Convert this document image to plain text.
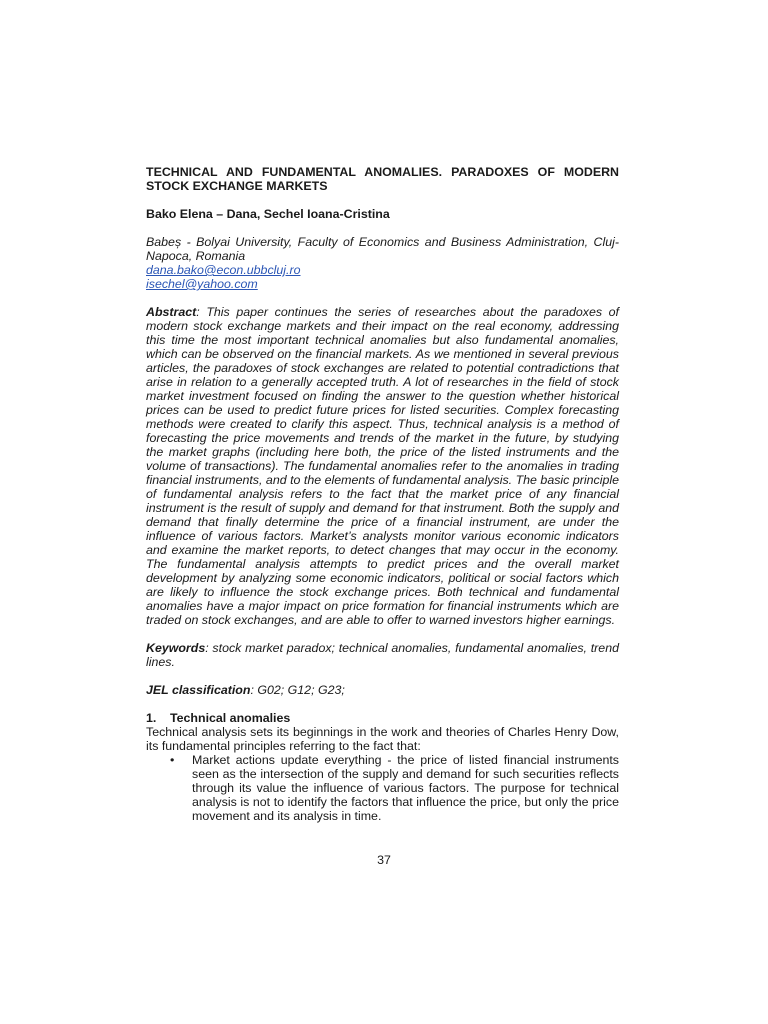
TECHNICAL AND FUNDAMENTAL ANOMALIES. PARADOXES OF MODERN STOCK EXCHANGE MARKETS

Bako Elena – Dana, Sechel Ioana-Cristina

Babeș - Bolyai University, Faculty of Economics and Business Administration, Cluj-Napoca, Romania
dana.bako@econ.ubbcluj.ro
isechel@yahoo.com

Abstract: This paper continues the series of researches about the paradoxes of modern stock exchange markets and their impact on the real economy, addressing this time the most important technical anomalies but also fundamental anomalies, which can be observed on the financial markets. As we mentioned in several previous articles, the paradoxes of stock exchanges are related to potential contradictions that arise in relation to a generally accepted truth. A lot of researches in the field of stock market investment focused on finding the answer to the question whether historical prices can be used to predict future prices for listed securities. Complex forecasting methods were created to clarify this aspect. Thus, technical analysis is a method of forecasting the price movements and trends of the market in the future, by studying the market graphs (including here both, the price of the listed instruments and the volume of transactions). The fundamental anomalies refer to the anomalies in trading financial instruments, and to the elements of fundamental analysis. The basic principle of fundamental analysis refers to the fact that the market price of any financial instrument is the result of supply and demand for that instrument. Both the supply and demand that finally determine the price of a financial instrument, are under the influence of various factors. Market’s analysts monitor various economic indicators and examine the market reports, to detect changes that may occur in the economy. The fundamental analysis attempts to predict prices and the overall market development by analyzing some economic indicators, political or social factors which are likely to influence the stock exchange prices. Both technical and fundamental anomalies have a major impact on price formation for financial instruments which are traded on stock exchanges, and are able to offer to warned investors higher earnings.

Keywords: stock market paradox; technical anomalies, fundamental anomalies, trend lines.

JEL classification: G02; G12; G23;

1. Technical anomalies

Technical analysis sets its beginnings in the work and theories of Charles Henry Dow, its fundamental principles referring to the fact that:

• Market actions update everything - the price of listed financial instruments seen as the intersection of the supply and demand for such securities reflects through its value the influence of various factors. The purpose for technical analysis is not to identify the factors that influence the price, but only the price movement and its analysis in time.
37
